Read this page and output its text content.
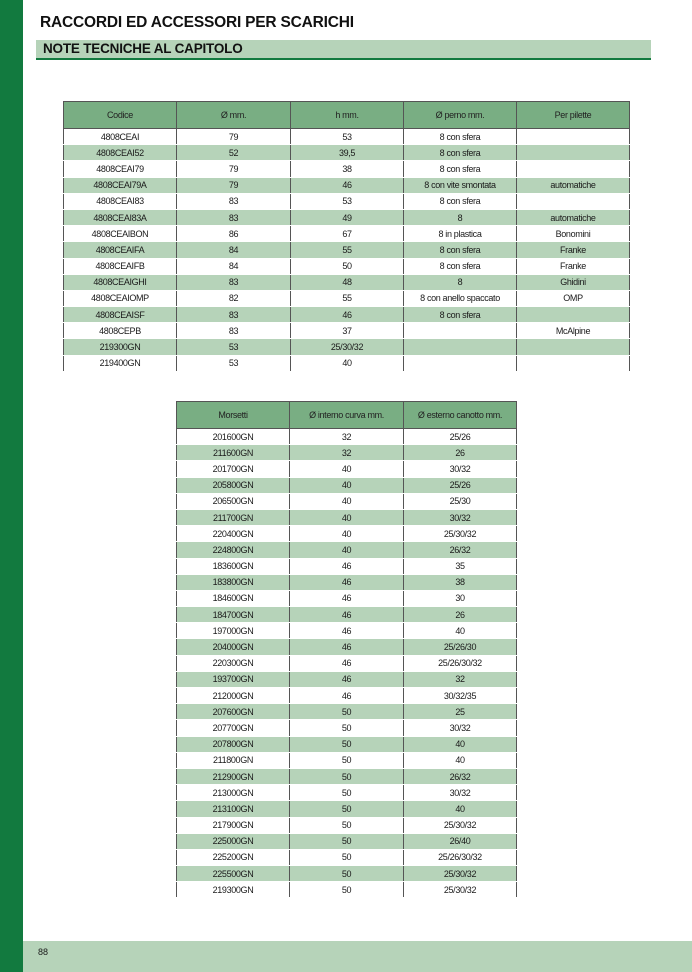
RACCORDI ED ACCESSORI PER SCARICHI
NOTE TECNICHE AL CAPITOLO
Codice	Ø mm.	h mm.	Ø perno mm.	Per pilette
4808CEAI	79	53	8 con sfera	
4808CEAI52	52	39,5	8 con sfera	
4808CEAI79	79	38	8 con sfera	
4808CEAI79A	79	46	8 con vite smontata	automatiche
4808CEAI83	83	53	8 con sfera	
4808CEAI83A	83	49	8	automatiche
4808CEAIBON	86	67	8 in plastica	Bonomini
4808CEAIFA	84	55	8 con sfera	Franke
4808CEAIFB	84	50	8 con sfera	Franke
4808CEAIGHI	83	48	8	Ghidini
4808CEAIOMP	82	55	8 con anello spaccato	OMP
4808CEAISF	83	46	8 con sfera	
4808CEPB	83	37		McAlpine
219300GN	53	25/30/32		
219400GN	53	40		
Morsetti	Ø interno curva mm.	Ø esterno canotto mm.
201600GN	32	25/26
211600GN	32	26
201700GN	40	30/32
205800GN	40	25/26
206500GN	40	25/30
211700GN	40	30/32
220400GN	40	25/30/32
224800GN	40	26/32
183600GN	46	35
183800GN	46	38
184600GN	46	30
184700GN	46	26
197000GN	46	40
204000GN	46	25/26/30
220300GN	46	25/26/30/32
193700GN	46	32
212000GN	46	30/32/35
207600GN	50	25
207700GN	50	30/32
207800GN	50	40
211800GN	50	40
212900GN	50	26/32
213000GN	50	30/32
213100GN	50	40
217900GN	50	25/30/32
225000GN	50	26/40
225200GN	50	25/26/30/32
225500GN	50	25/30/32
219300GN	50	25/30/32
88
